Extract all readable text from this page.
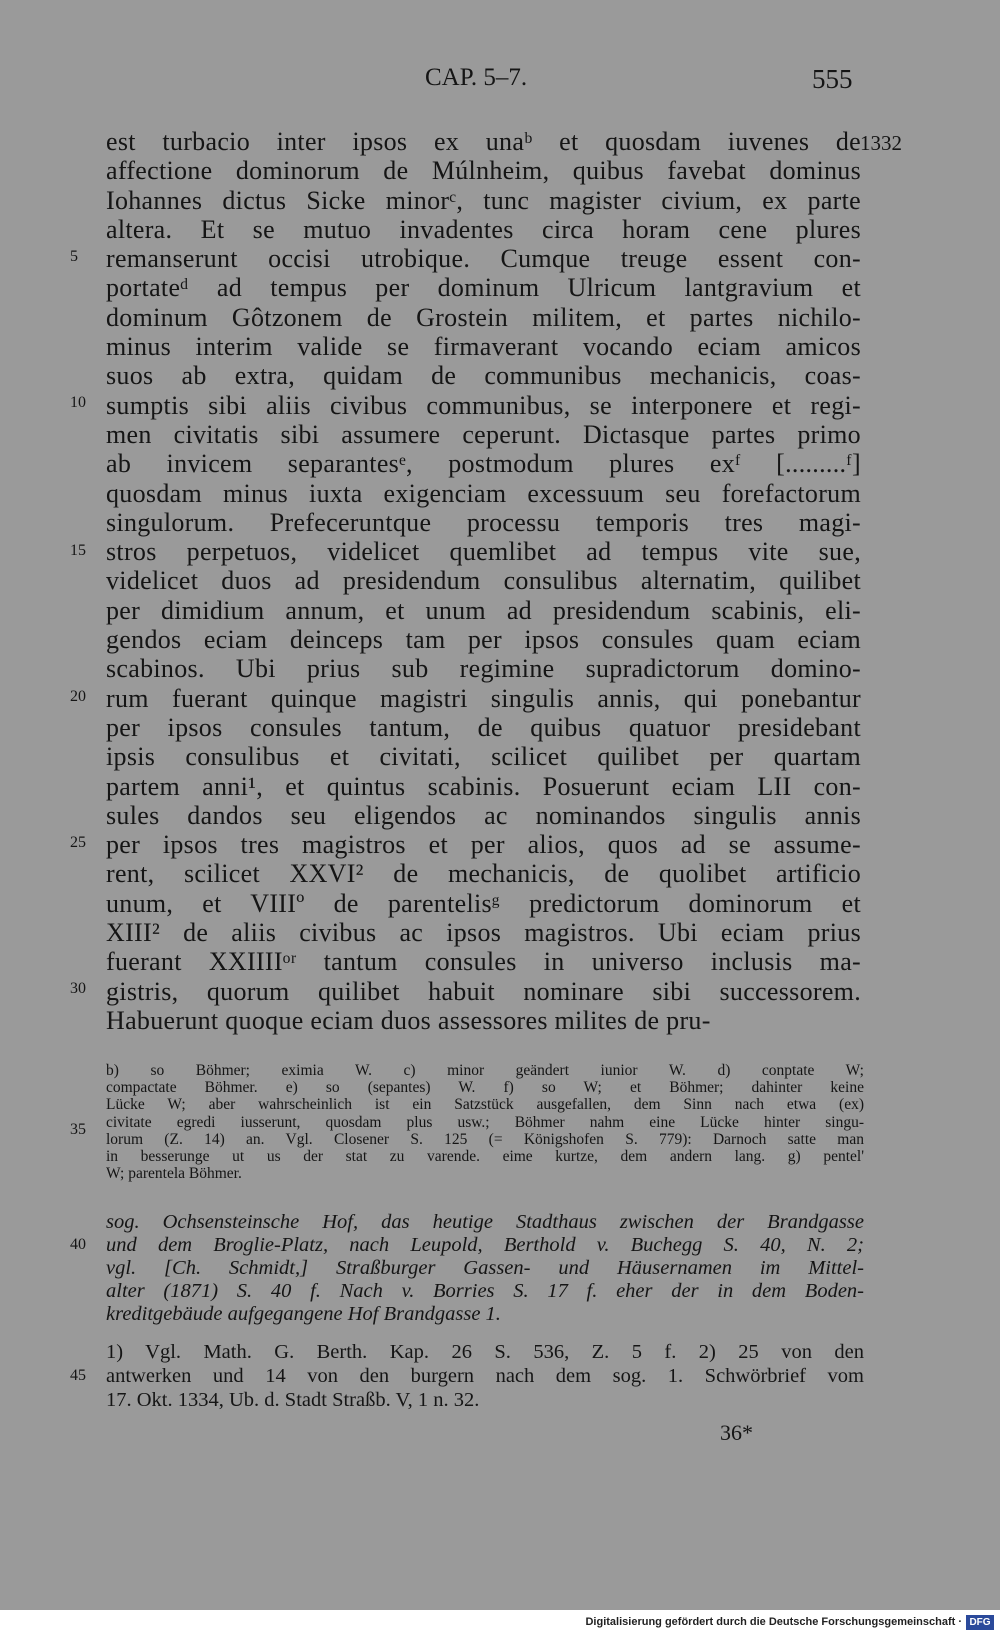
CAP. 5–7.	555
1332
est turbacio inter ipsos ex unaᵇ et quosdam iuvenes de
affectione dominorum de Múlnheim, quibus favebat dominus
Iohannes dictus Sicke minorᶜ, tunc magister civium, ex parte
altera. Et se mutuo invadentes circa horam cene plures
remanserunt occisi utrobique. Cumque treuge essent con-
portateᵈ ad tempus per dominum Ulricum lantgravium et
dominum Gôtzonem de Grostein militem, et partes nichilo-
minus interim valide se firmaverant vocando eciam amicos
suos ab extra, quidam de communibus mechanicis, coas-
sumptis sibi aliis civibus communibus, se interponere et regi-
men civitatis sibi assumere ceperunt. Dictasque partes primo
ab invicem separantesᵉ, postmodum plures exᶠ [.........ᶠ]
quosdam minus iuxta exigenciam excessuum seu forefactorum
singulorum. Prefeceruntque processu temporis tres magi-
stros perpetuos, videlicet quemlibet ad tempus vite sue,
videlicet duos ad presidendum consulibus alternatim, quilibet
per dimidium annum, et unum ad presidendum scabinis, eli-
gendos eciam deinceps tam per ipsos consules quam eciam
scabinos. Ubi prius sub regimine supradictorum domino-
rum fuerant quinque magistri singulis annis, qui ponebantur
per ipsos consules tantum, de quibus quatuor presidebant
ipsis consulibus et civitati, scilicet quilibet per quartam
partem anni¹, et quintus scabinis. Posuerunt eciam LII con-
sules dandos seu eligendos ac nominandos singulis annis
per ipsos tres magistros et per alios, quos ad se assume-
rent, scilicet XXVI² de mechanicis, de quolibet artificio
unum, et VIIIº de parentelisᵍ predictorum dominorum et
XIII² de aliis civibus ac ipsos magistros. Ubi eciam prius
fuerant XXIIIIᵒʳ tantum consules in universo inclusis ma-
gistris, quorum quilibet habuit nominare sibi successorem.
Habuerunt quoque eciam duos assessores milites de pru-
5
10
15
20
25
30
35
40
45
b) so Böhmer; eximia W. c) minor geändert iunior W. d) conptate W;
compactate Böhmer. e) so (sepantes) W. f) so W; et Böhmer; dahinter keine
Lücke W; aber wahrscheinlich ist ein Satzstück ausgefallen, dem Sinn nach etwa (ex)
civitate egredi iusserunt, quosdam plus usw.; Böhmer nahm eine Lücke hinter singu-
lorum (Z. 14) an. Vgl. Closener S. 125 (= Königshofen S. 779): Darnoch satte man
in besserunge ut us der stat zu varende. eime kurtze, dem andern lang. g) pentel'
W; parentela Böhmer.
sog. Ochsensteinsche Hof, das heutige Stadthaus zwischen der Brandgasse
und dem Broglie-Platz, nach Leupold, Berthold v. Buchegg S. 40, N. 2;
vgl. [Ch. Schmidt,] Straßburger Gassen- und Häusernamen im Mittel-
alter (1871) S. 40 f. Nach v. Borries S. 17 f. eher der in dem Boden-
kreditgebäude aufgegangene Hof Brandgasse 1.
1) Vgl. Math. G. Berth. Kap. 26 S. 536, Z. 5 f. 2) 25 von den
antwerken und 14 von den burgern nach dem sog. 1. Schwörbrief vom
17. Okt. 1334, Ub. d. Stadt Straßb. V, 1 n. 32.
36*
Digitalisierung gefördert durch die Deutsche Forschungsgemeinschaft · DFG
